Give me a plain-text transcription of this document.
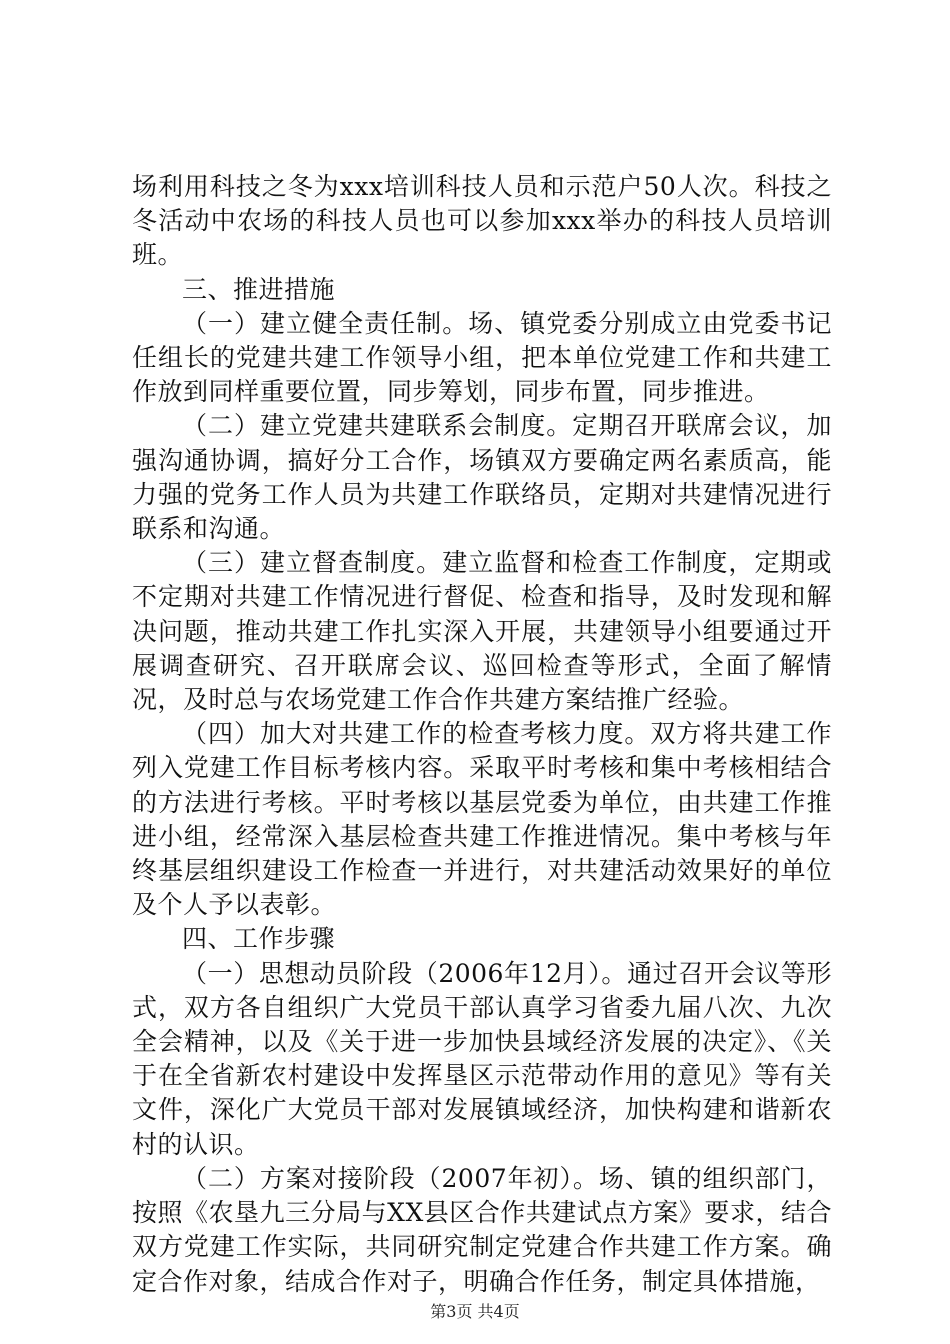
场利用科技之冬为xxx培训科技人员和示范户50人次。科技之冬活动中农场的科技人员也可以参加xxx举办的科技人员培训班。

三、推进措施

（一）建立健全责任制。场、镇党委分别成立由党委书记任组长的党建共建工作领导小组，把本单位党建工作和共建工作放到同样重要位置，同步筹划，同步布置，同步推进。

（二）建立党建共建联系会制度。定期召开联席会议，加强沟通协调，搞好分工合作，场镇双方要确定两名素质高，能力强的党务工作人员为共建工作联络员，定期对共建情况进行联系和沟通。

（三）建立督查制度。建立监督和检查工作制度，定期或不定期对共建工作情况进行督促、检查和指导，及时发现和解决问题，推动共建工作扎实深入开展，共建领导小组要通过开展调查研究、召开联席会议、巡回检查等形式，全面了解情况，及时总与农场党建工作合作共建方案结推广经验。

（四）加大对共建工作的检查考核力度。双方将共建工作列入党建工作目标考核内容。采取平时考核和集中考核相结合的方法进行考核。平时考核以基层党委为单位，由共建工作推进小组，经常深入基层检查共建工作推进情况。集中考核与年终基层组织建设工作检查一并进行，对共建活动效果好的单位及个人予以表彰。

四、工作步骤

（一）思想动员阶段（2006年12月）。通过召开会议等形式，双方各自组织广大党员干部认真学习省委九届八次、九次全会精神，以及《关于进一步加快县域经济发展的决定》、《关于在全省新农村建设中发挥垦区示范带动作用的意见》等有关文件，深化广大党员干部对发展镇域经济，加快构建和谐新农村的认识。

（二）方案对接阶段（2007年初）。场、镇的组织部门，按照《农垦九三分局与XX县区合作共建试点方案》要求，结合双方党建工作实际，共同研究制定党建合作共建工作方案。确定合作对象，结成合作对子，明确合作任务，制定具体措施，

第3页 共4页
